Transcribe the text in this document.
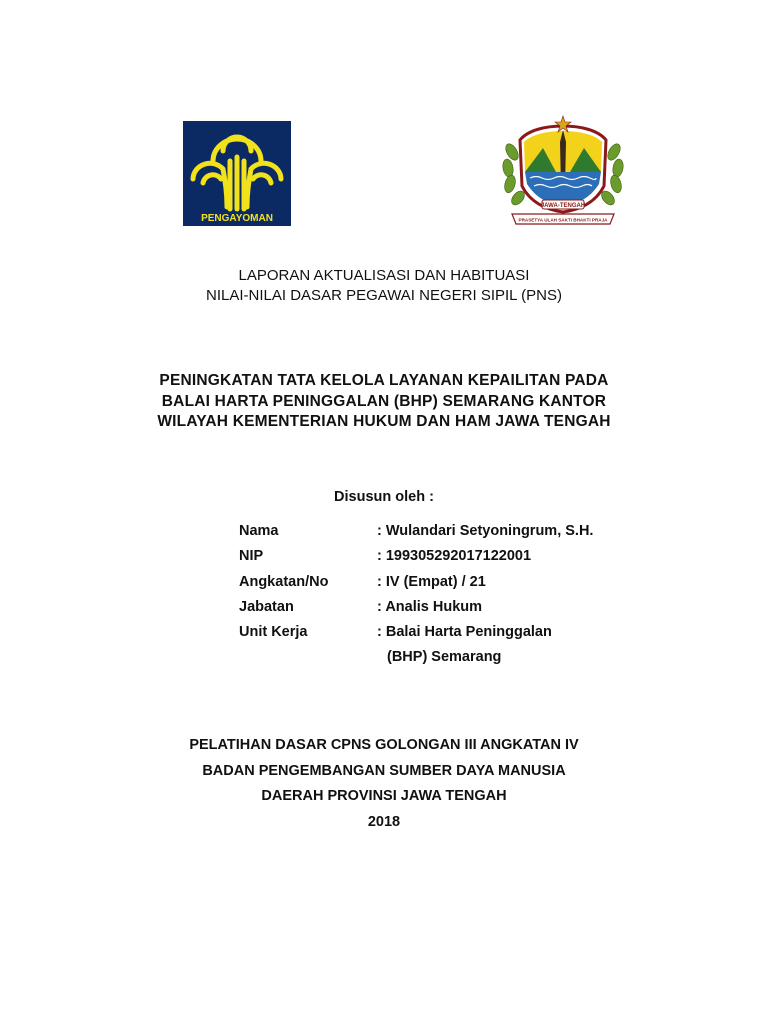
PENGAYOMAN
JAWA-TENGAH
PRASETYA ULAH SAKTI BHAKTI PRAJA
LAPORAN AKTUALISASI DAN HABITUASI
NILAI-NILAI DASAR PEGAWAI NEGERI SIPIL (PNS)
PENINGKATAN TATA KELOLA LAYANAN KEPAILITAN PADA
BALAI HARTA PENINGGALAN (BHP) SEMARANG KANTOR
WILAYAH KEMENTERIAN HUKUM DAN HAM JAWA TENGAH
Disusun oleh :
Nama	: Wulandari Setyoningrum, S.H.
NIP	: 199305292017122001
Angkatan/No	: IV (Empat) / 21
Jabatan	: Analis Hukum
Unit Kerja	: Balai Harta Peninggalan
(BHP) Semarang
PELATIHAN DASAR CPNS GOLONGAN III ANGKATAN IV
BADAN PENGEMBANGAN SUMBER DAYA MANUSIA
DAERAH PROVINSI JAWA TENGAH
2018
